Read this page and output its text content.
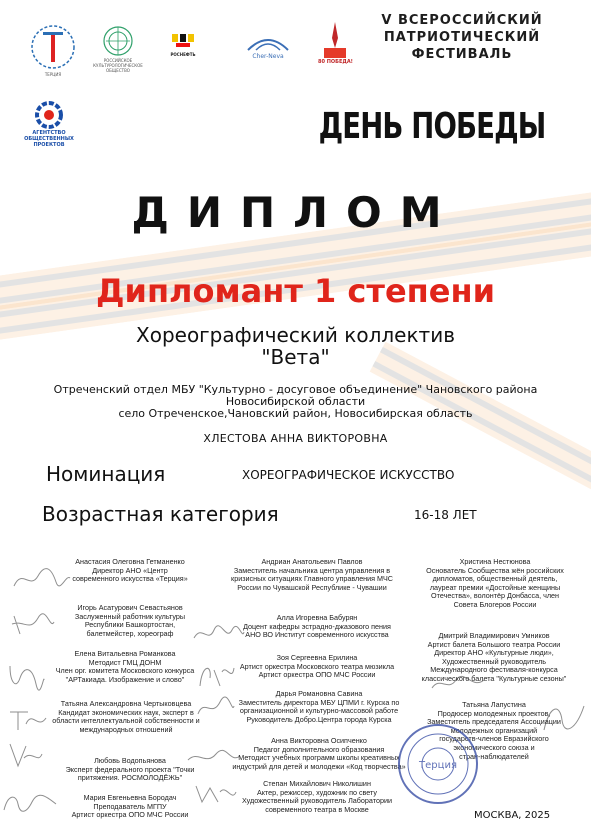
ТЕРЦИЯ
РОССИЙСКОЕ КУЛЬТУРОЛОГИЧЕСКОЕ ОБЩЕСТВО
РОСНЕФТЬ	Cher-Neva
80 ПОБЕДА!
АГЕНТСТВО ОБЩЕСТВЕННЫХ ПРОЕКТОВ
V ВСЕРОССИЙСКИЙ
ПАТРИОТИЧЕСКИЙ
ФЕСТИВАЛЬ
ДЕНЬ ПОБЕДЫ
ДИПЛОМ
Дипломант 1 степени
Хореографический коллектив
"Вета"
Отреченский отдел МБУ "Культурно - досуговое объединение" Чановского района
Новосибирской области
село Отреченское,Чановский район, Новосибирская область
ХЛЕСТОВА АННА ВИКТОРОВНА
Номинация	ХОРЕОГРАФИЧЕСКОЕ ИСКУССТВО
Возрастная категория	16-18 ЛЕТ
Анастасия Олеговна Гетманенко
Директор АНО «Центр
современного искусства «Терция»
Игорь Асатурович Севастьянов
Заслуженный работник культуры
Республики Башкортостан,
балетмейстер, хореограф
Елена Витальевна Романкова
Методист ГМЦ ДОНМ
Член орг. комитета Московского конкурса
"АРТакиада. Изображение и слово"
Татьяна Александровна Чертыковцева
Кандидат экономических наук, эксперт в
области интеллектуальной собственности и
международных отношений
Любовь Водопьянова
Эксперт федерального проекта "Точки
притяжения. РОСМОЛОДЁЖЬ"
Мария Евгеньевна Бородач
Преподаватель МГПУ
Артист оркестра ОПО МЧС России
Андриан Анатольевич Павлов
Заместитель начальника центра управления в
кризисных ситуациях Главного управления МЧС
России по Чувашской Республике - Чувашии
Алла Игоревна Бабурян
Доцент кафедры эстрадно-джазового пения
АНО ВО Институт современного искусства
Зоя Сергеевна Ерилина
Артист оркестра Московского театра мюзикла
Артист оркестра ОПО МЧС России
Дарья Романовна Савина
Заместитель директора МБУ ЦПМИ г. Курска по
организационной и культурно-массовой работе
Руководитель Добро.Центра города Курска
Анна Викторовна Осипченко
Педагог дополнительного образования
Методист учебных программ школы креативных
индустрий для детей и молодежи «Код творчества»
Степан Михайлович Николишин
Актер, режиссер, художник по свету
Художественный руководитель Лаборатории
современного театра в Москве
Христина Нестюнова
Основатель Сообщества жён российских
дипломатов, общественный деятель,
лауреат премии «Достойные женщины
Отечества», волонтёр Донбасса, член
Совета Блогеров России
Дмитрий Владимирович Умников
Артист балета Большого театра России
Директор АНО «Культурные люди»,
Художественный руководитель
Международного фестиваля-конкурса
классического балета "Культурные сезоны"
Татьяна Лапустина
Продюсер молодежных проектов,
Заместитель председателя Ассоциации
молодежных организаций
государств-членов Евразийского
экономического союза и
стран-наблюдателей
Терция
МОСКВА, 2025
